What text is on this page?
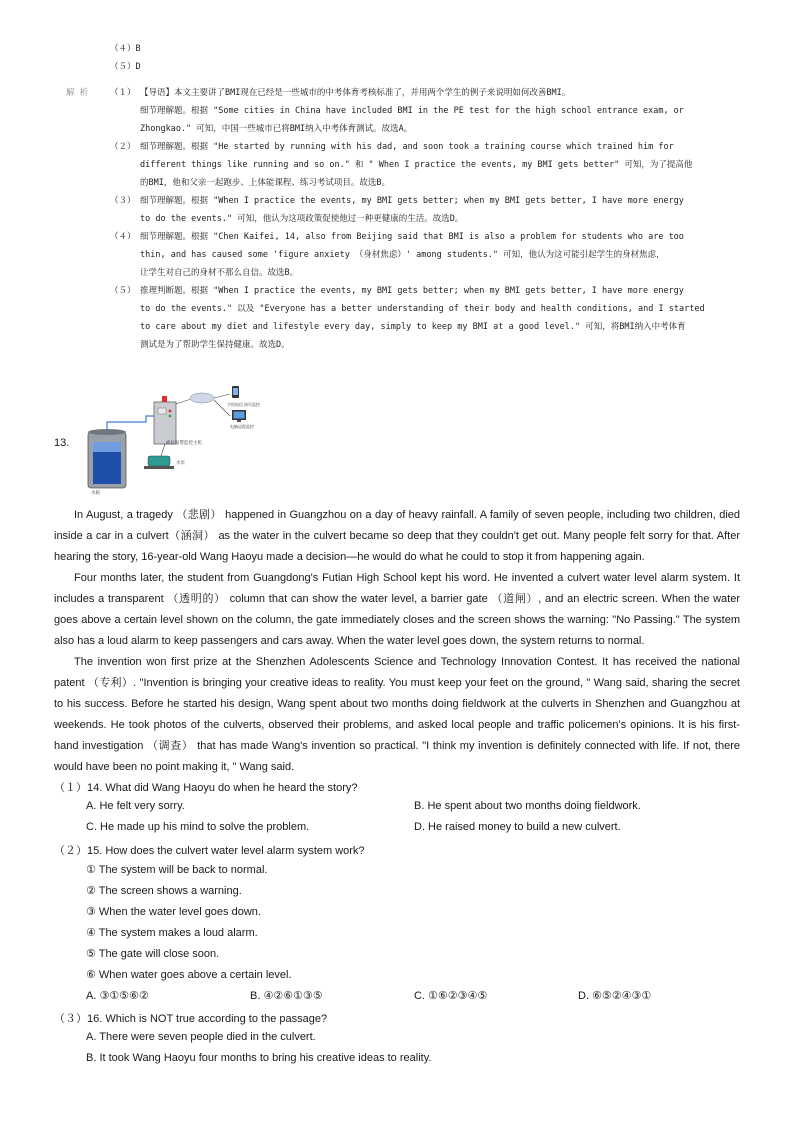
（４）B
（５）D
解 析	（１） 【导语】本文主要讲了BMI现在已经是一些城市的中考体育考核标准了，并用两个学生的例子来说明如何改善BMI。
细节理解题。根据 "Some cities in China have included BMI in the PE test for the high school entrance exam, or
Zhongkao." 可知，中国一些城市已将BMI纳入中考体育测试。故选A。
（２） 细节理解题。根据 "He started by running with his dad, and soon took a training course which trained him for
different things like running and so on." 和 " When I practice the events, my BMI gets better" 可知，为了提高他
的BMI，他和父亲一起跑步、上体能课程、练习考试项目。故选B。
（３） 细节理解题。根据 "When I practice the events, my BMI gets better; when my BMI gets better, I have more energy
to do the events." 可知，他认为这项政策促使他过一种更健康的生活。故选D。
（４） 细节理解题。根据 "Chen Kaifei, 14, also from Beijing said that BMI is also a problem for students who are too
thin, and has caused some 'figure anxiety （身材焦虑）' among students." 可知，他认为这可能引起学生的身材焦虑，
让学生对自己的身材不那么自信。故选B。
（５） 推理判断题。根据 "When I practice the events, my BMI gets better; when my BMI gets better, I have more energy
to do the events." 以及 "Everyone has a better understanding of their body and health conditions, and I started
to care about my diet and lifestyle every day, simply to keep my BMI at a good level." 可知，将BMI纳入中考体育
测试是为了帮助学生保持健康。故选D。
13.
水箱
液位报警监控主机
水泵
手机短信 网页监控
电脑远程监控
In August, a tragedy （悲剧） happened in Guangzhou on a day of heavy rainfall. A family of seven people, including two children, died inside a car in a culvert（涵洞） as the water in the culvert became so deep that they couldn't get out. Many people felt sorry for that. After hearing the story, 16-year-old Wang Haoyu made a decision—he would do what he could to stop it from happening again.
Four months later, the student from Guangdong's Futian High School kept his word. He invented a culvert water level alarm system. It includes a transparent （透明的） column that can show the water level, a barrier gate （道闸）, and an electric screen. When the water goes above a certain level shown on the column, the gate immediately closes and the screen shows the warning: "No Passing." The system also has a loud alarm to keep passengers and cars away. When the water level goes down, the system returns to normal.
The invention won first prize at the Shenzhen Adolescents Science and Technology Innovation Contest. It has received the national patent （专利）. "Invention is bringing your creative ideas to reality. You must keep your feet on the ground, " Wang said, sharing the secret to his success. Before he started his design, Wang spent about two months doing fieldwork at the culverts in Shenzhen and Guangzhou at weekends. He took photos of the culverts, observed their problems, and asked local people and traffic policemen's opinions. It is his first-hand investigation （调查） that has made Wang's invention so practical. "I think my invention is definitely connected with life. If not, there would have been no point making it, " Wang said.
（１）14. What did Wang Haoyu do when he heard the story?
A. He felt very sorry.	B. He spent about two months doing fieldwork.
C. He made up his mind to solve the problem.	D. He raised money to build a new culvert.
（２）15. How does the culvert water level alarm system work?
① The system will be back to normal.
② The screen shows a warning.
③ When the water level goes down.
④ The system makes a loud alarm.
⑤ The gate will close soon.
⑥ When water goes above a certain level.
A. ③①⑤⑥②	B. ④②⑥①③⑤	C. ①⑥②③④⑤	D. ⑥⑤②④③①
（３）16. Which is NOT true according to the passage?
A. There were seven people died in the culvert.
B. It took Wang Haoyu four months to bring his creative ideas to reality.
